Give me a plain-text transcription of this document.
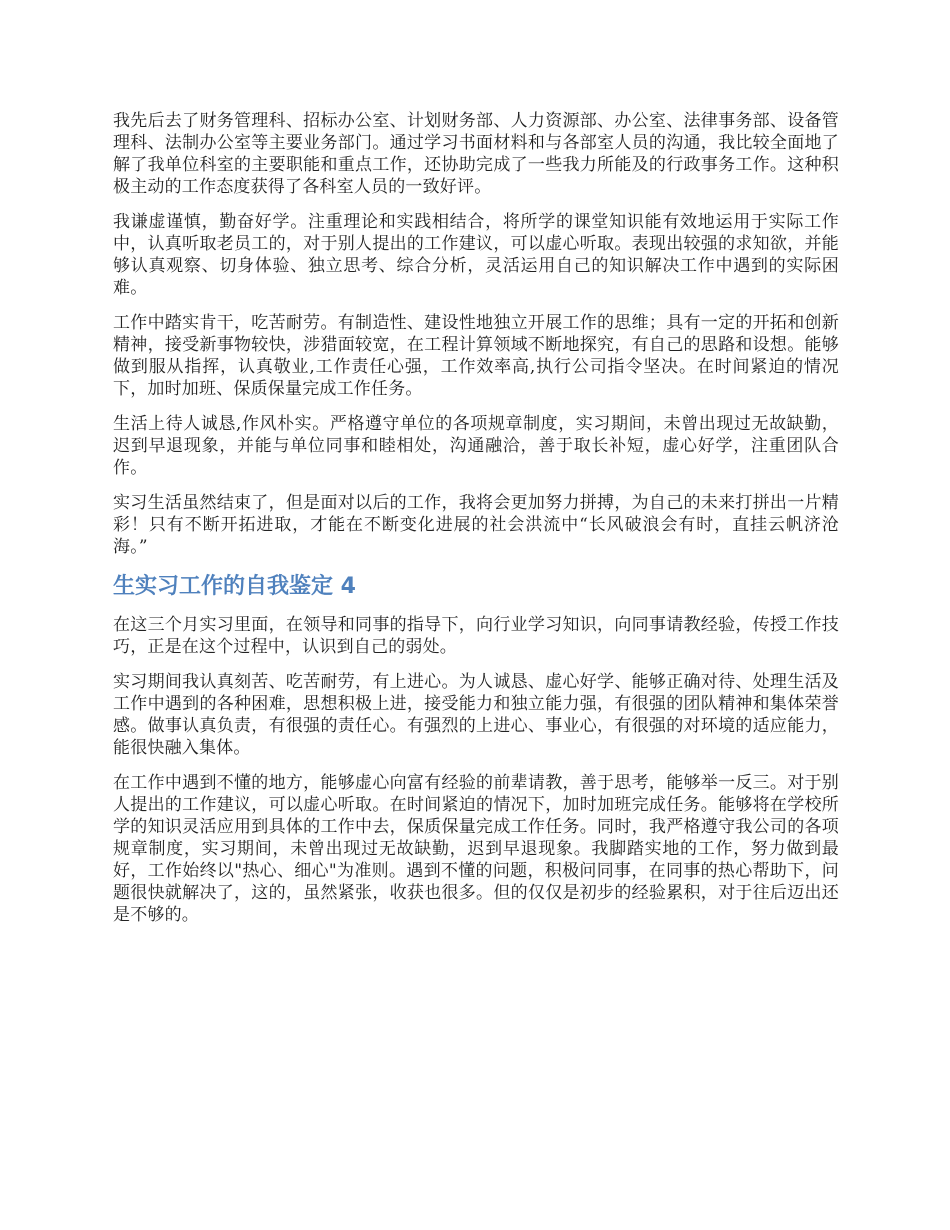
我先后去了财务管理科、招标办公室、计划财务部、人力资源部、办公室、法律事务部、设备管理科、法制办公室等主要业务部门。通过学习书面材料和与各部室人员的沟通，我比较全面地了解了我单位科室的主要职能和重点工作，还协助完成了一些我力所能及的行政事务工作。这种积极主动的工作态度获得了各科室人员的一致好评。

我谦虚谨慎，勤奋好学。注重理论和实践相结合，将所学的课堂知识能有效地运用于实际工作中，认真听取老员工的，对于别人提出的工作建议，可以虚心听取。表现出较强的求知欲，并能够认真观察、切身体验、独立思考、综合分析，灵活运用自己的知识解决工作中遇到的实际困难。

工作中踏实肯干，吃苦耐劳。有制造性、建设性地独立开展工作的思维；具有一定的开拓和创新精神，接受新事物较快，涉猎面较宽，在工程计算领域不断地探究，有自己的思路和设想。能够做到服从指挥，认真敬业,工作责任心强，工作效率高,执行公司指令坚决。在时间紧迫的情况下，加时加班、保质保量完成工作任务。

生活上待人诚恳,作风朴实。严格遵守单位的各项规章制度，实习期间，未曾出现过无故缺勤，迟到早退现象，并能与单位同事和睦相处，沟通融洽，善于取长补短，虚心好学，注重团队合作。

实习生活虽然结束了，但是面对以后的工作，我将会更加努力拼搏，为自己的未来打拼出一片精彩！只有不断开拓进取，才能在不断变化进展的社会洪流中“长风破浪会有时，直挂云帆济沧海。”

生实习工作的自我鉴定 4

在这三个月实习里面，在领导和同事的指导下，向行业学习知识，向同事请教经验，传授工作技巧，正是在这个过程中，认识到自己的弱处。

实习期间我认真刻苦、吃苦耐劳，有上进心。为人诚恳、虚心好学、能够正确对待、处理生活及工作中遇到的各种困难，思想积极上进，接受能力和独立能力强，有很强的团队精神和集体荣誉感。做事认真负责，有很强的责任心。有强烈的上进心、事业心，有很强的对环境的适应能力，能很快融入集体。

在工作中遇到不懂的地方，能够虚心向富有经验的前辈请教，善于思考，能够举一反三。对于别人提出的工作建议，可以虚心听取。在时间紧迫的情况下，加时加班完成任务。能够将在学校所学的知识灵活应用到具体的工作中去，保质保量完成工作任务。同时，我严格遵守我公司的各项规章制度，实习期间，未曾出现过无故缺勤，迟到早退现象。我脚踏实地的工作，努力做到最好，工作始终以"热心、细心"为准则。遇到不懂的问题，积极问同事，在同事的热心帮助下，问题很快就解决了，这的，虽然紧张，收获也很多。但的仅仅是初步的经验累积，对于往后迈出还是不够的。
